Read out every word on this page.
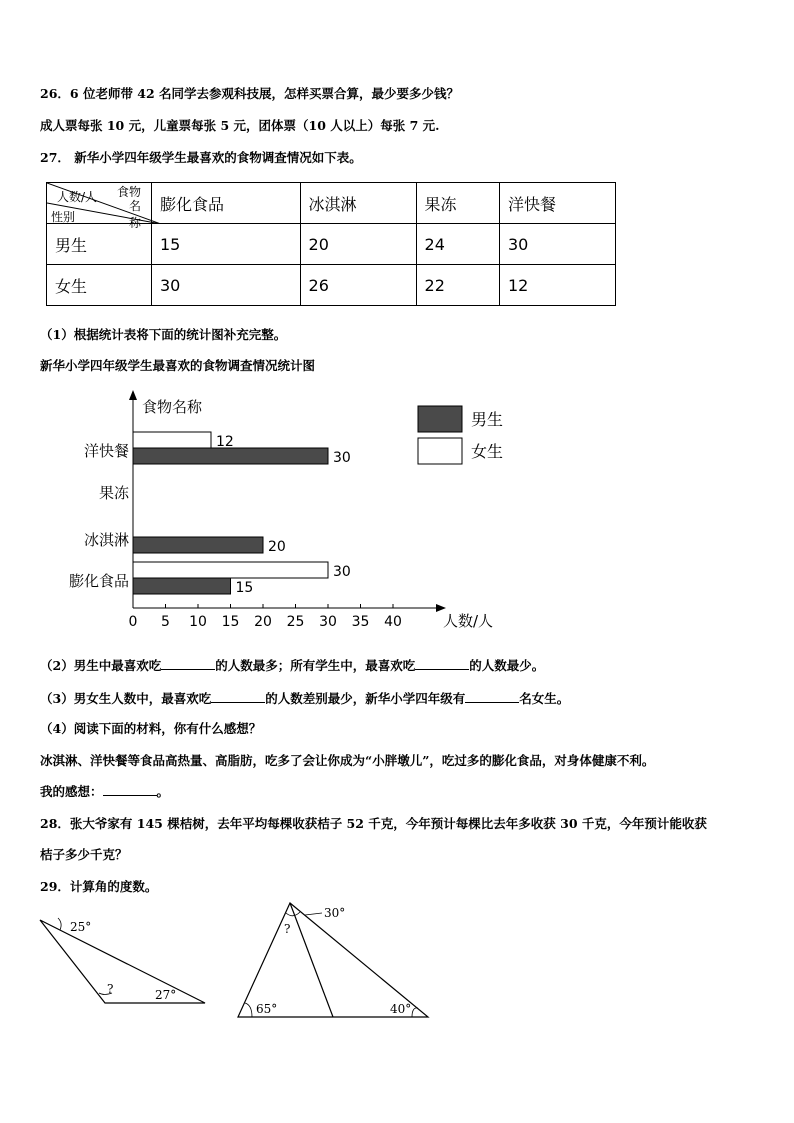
26．6 位老师带 42 名同学去参观科技展，怎样买票合算，最少要多少钱？
成人票每张 10 元，儿童票每张 5 元，团体票（10 人以上）每张 7 元.
27． 新华小学四年级学生最喜欢的食物调查情况如下表。
食物
人数/人
名称
性别	膨化食品	冰淇淋	果冻	洋快餐
男生	15	20	24	30
女生	30	26	22	12
（1）根据统计表将下面的统计图补充完整。
新华小学四年级学生最喜欢的食物调查情况统计图
食物名称
人数/人
0 5 10 15 20 25 30 35 40
膨化食品
冰淇淋
果冻
洋快餐
15
20
30
30
12
男生
女生
（2）男生中最喜欢吃	的人数最多；所有学生中，最喜欢吃	的人数最少。
（3）男女生人数中，最喜欢吃	的人数差别最少，新华小学四年级有	名女生。
（4）阅读下面的材料，你有什么感想？
冰淇淋、洋快餐等食品高热量、高脂肪，吃多了会让你成为“小胖墩儿”，吃过多的膨化食品，对身体健康不利。
我的感想：	。
28．张大爷家有 145 棵桔树，去年平均每棵收获桔子 52 千克，今年预计每棵比去年多收获 30 千克，今年预计能收获
桔子多少千克？
29．计算角的度数。
25°
?	27°
30°
?
65°	40°
